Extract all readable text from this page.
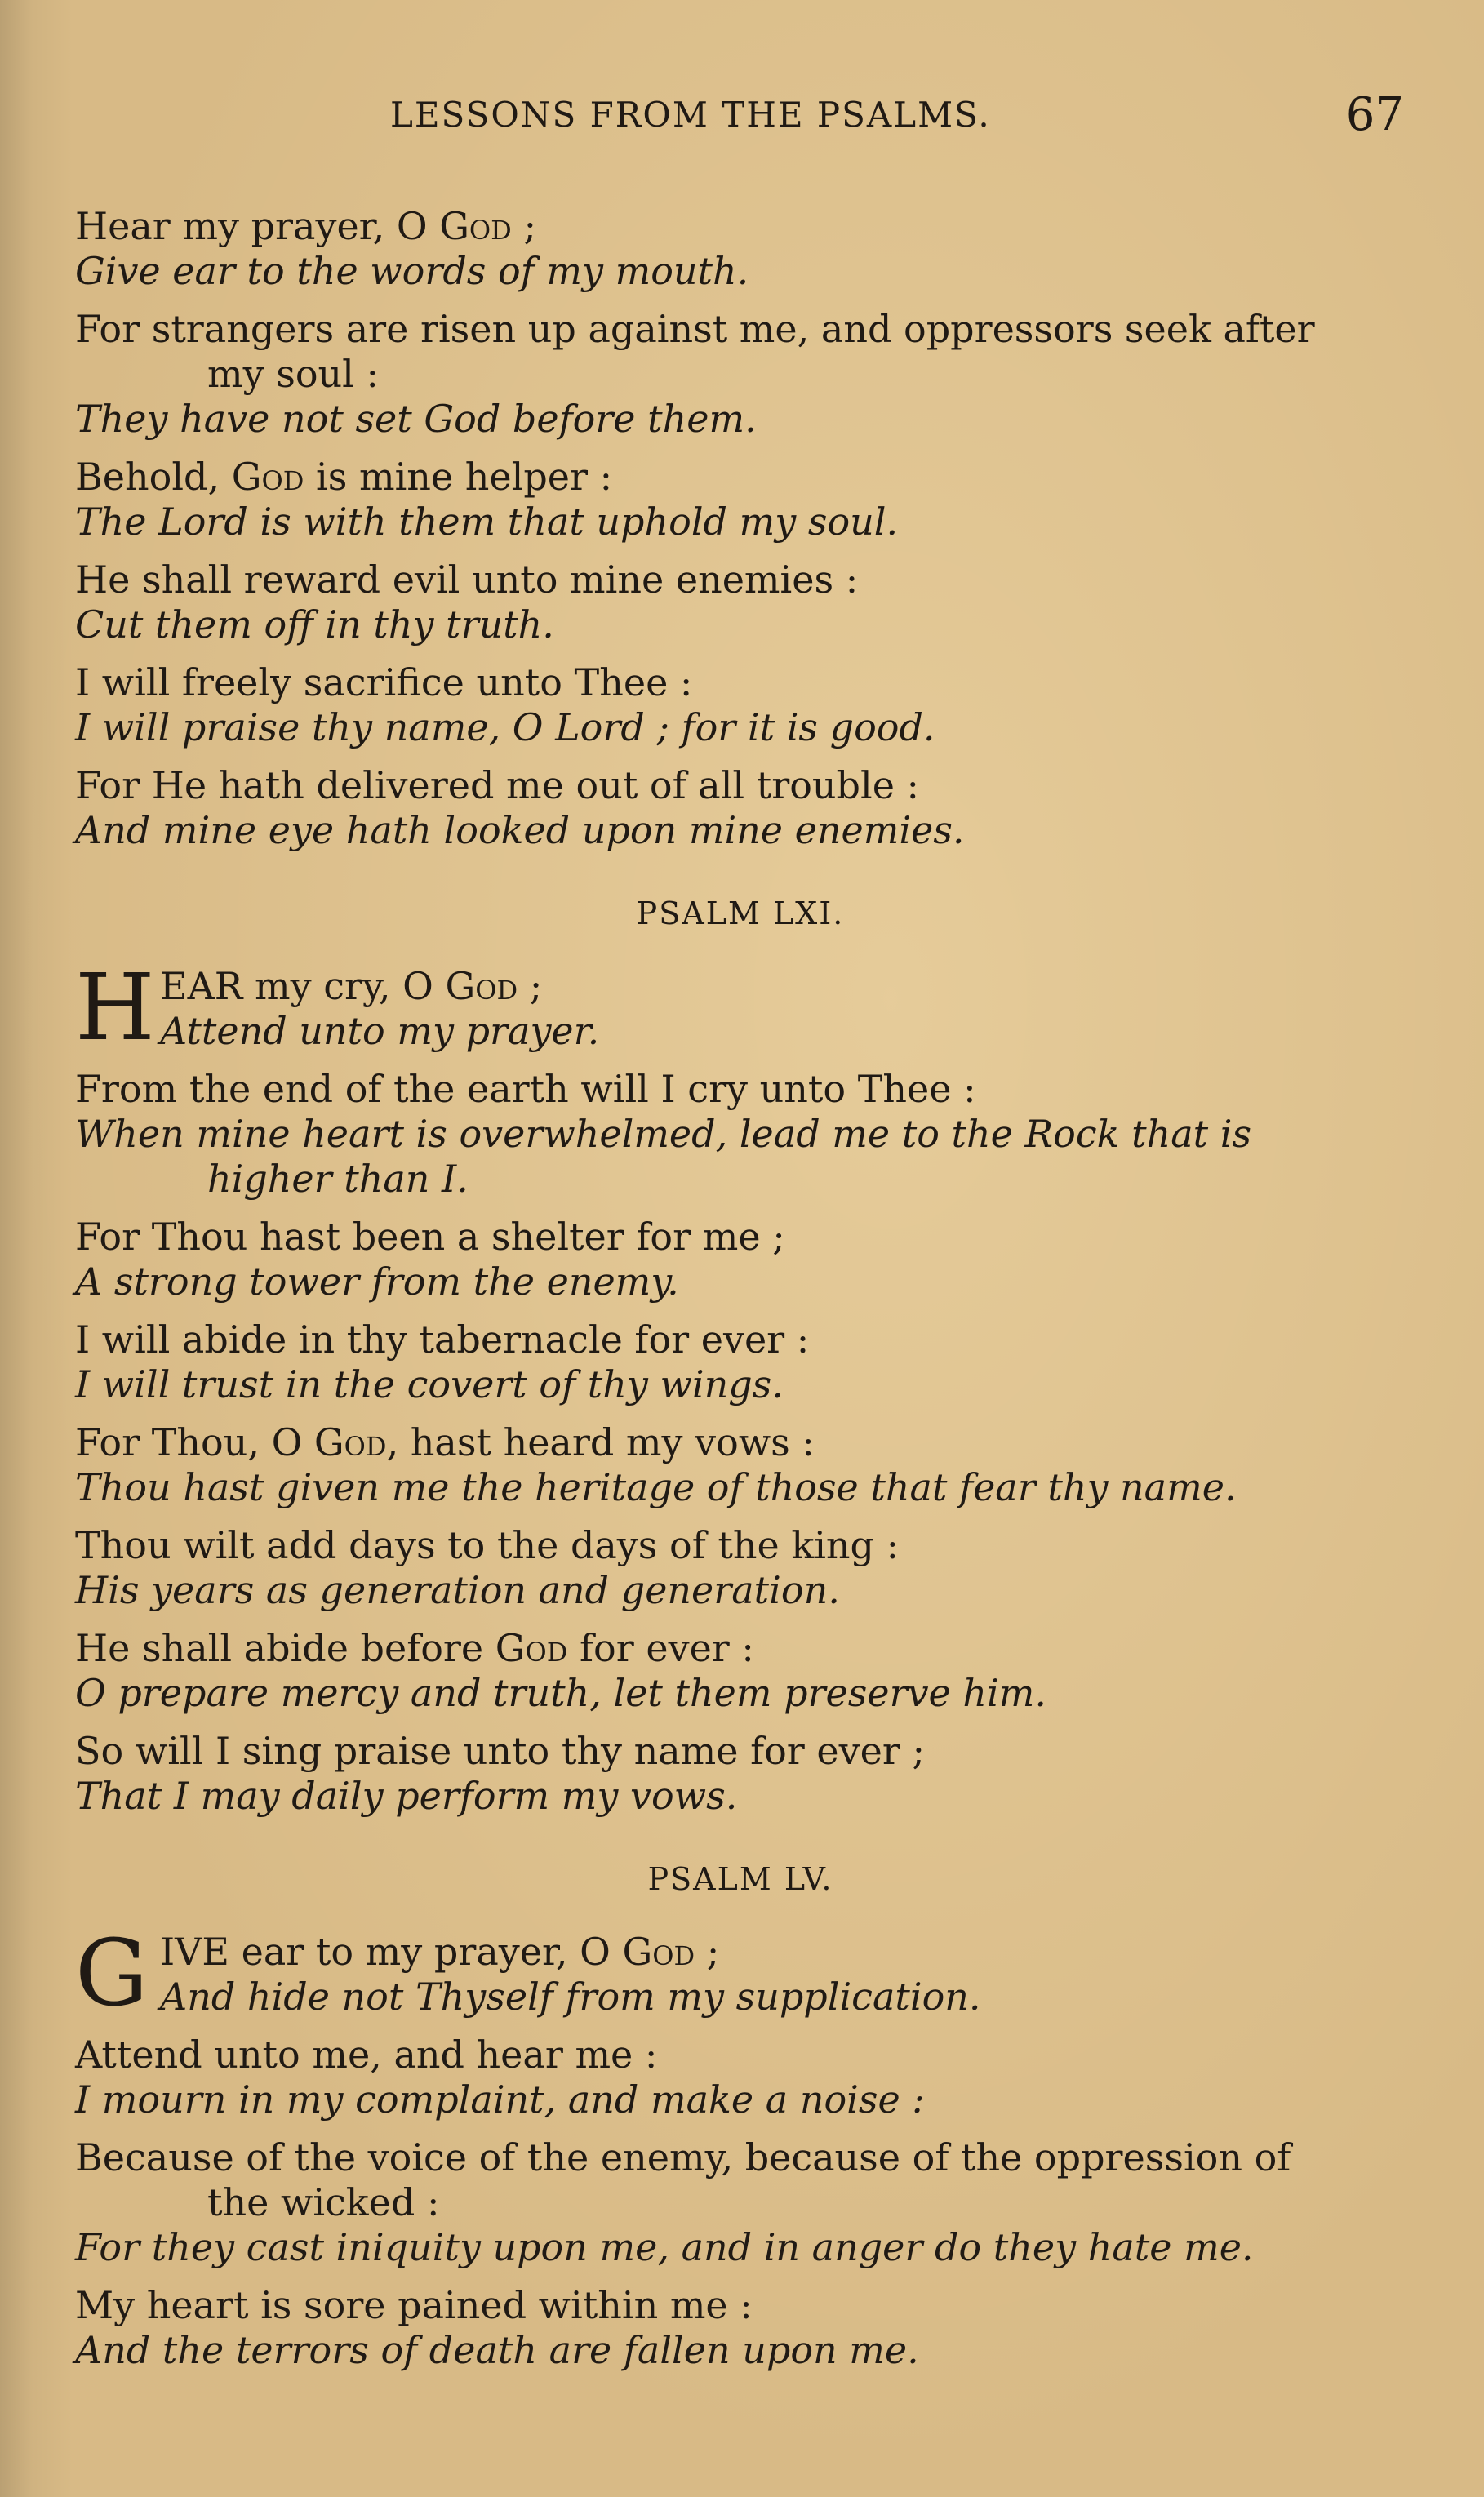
LESSONS FROM THE PSALMS.	67
Hear my prayer, O God ;
Give ear to the words of my mouth.
For strangers are risen up against me, and oppressors seek after
my soul :
They have not set God before them.
Behold, God is mine helper :
The Lord is with them that uphold my soul.
He shall reward evil unto mine enemies :
Cut them off in thy truth.
I will freely sacrifice unto Thee :
I will praise thy name, O Lord ; for it is good.
For He hath delivered me out of all trouble :
And mine eye hath looked upon mine enemies.
PSALM LXI.
H EAR my cry, O God ;
Attend unto my prayer.
From the end of the earth will I cry unto Thee :
When mine heart is overwhelmed, lead me to the Rock that is
higher than I.
For Thou hast been a shelter for me ;
A strong tower from the enemy.
I will abide in thy tabernacle for ever :
I will trust in the covert of thy wings.
For Thou, O God, hast heard my vows :
Thou hast given me the heritage of those that fear thy name.
Thou wilt add days to the days of the king :
His years as generation and generation.
He shall abide before God for ever :
O prepare mercy and truth, let them preserve him.
So will I sing praise unto thy name for ever ;
That I may daily perform my vows.
PSALM LV.
G IVE ear to my prayer, O God ;
And hide not Thyself from my supplication.
Attend unto me, and hear me :
I mourn in my complaint, and make a noise :
Because of the voice of the enemy, because of the oppression of
the wicked :
For they cast iniquity upon me, and in anger do they hate me.
My heart is sore pained within me :
And the terrors of death are fallen upon me.
